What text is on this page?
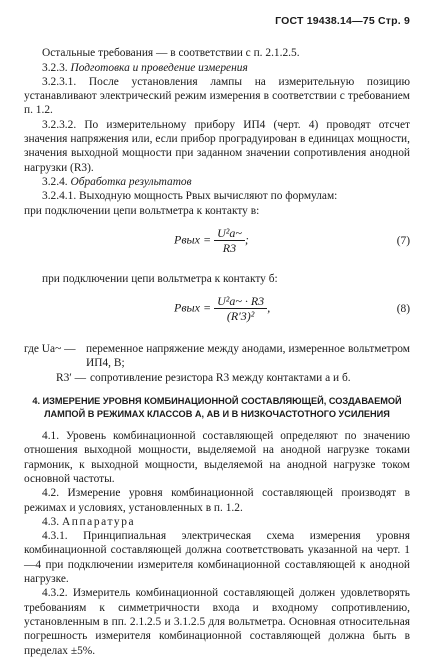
ГОСТ 19438.14—75 Стр. 9

Остальные требования — в соответствии с п. 2.1.2.5.

3.2.3. Подготовка и проведение измерения

3.2.3.1. После установления лампы на измерительную позицию устанавливают электрический режим измерения в соответствии с требованием п. 1.2.

3.2.3.2. По измерительному прибору ИП4 (черт. 4) проводят отсчет значения напряжения или, если прибор проградуирован в единицах мощности, значения выходной мощности при заданном значении сопротивления анодной нагрузки (R3).

3.2.4. Обработка результатов

3.2.4.1. Выходную мощность Pвых вычисляют по формулам:

при подключении цепи вольтметра к контакту в:

Pвых = $\frac{\text{U²a\textasciitilde{}}}{R3}$ ;	(7)

при подключении цепи вольтметра к контакту б:

Pвых = $\frac{\text{U²a\textasciitilde{} · R3}}{\text{(R′3)²}}$ ,	(8)
где Ua~ — переменное напряжение между анодами, измеренное вольтметром ИП4, В;
R3′ — сопротивление резистора R3 между контактами а и б.
4. ИЗМЕРЕНИЕ УРОВНЯ КОМБИНАЦИОННОЙ СОСТАВЛЯЮЩЕЙ, СОЗДАВАЕМОЙ ЛАМПОЙ В РЕЖИМАХ КЛАССОВ А, АВ И В НИЗКОЧАСТОТНОГО УСИЛЕНИЯ

4.1. Уровень комбинационной составляющей определяют по значению отношения выходной мощности, выделяемой на анодной нагрузке токами гармоник, к выходной мощности, выделяемой на анодной нагрузке током основной частоты.

4.2. Измерение уровня комбинационной составляющей производят в режимах и условиях, установленных в п. 1.2.

4.3. Аппаратура

4.3.1. Принципиальная электрическая схема измерения уровня комбинационной составляющей должна соответствовать указанной на черт. 1—4 при подключении измерителя комбинационной составляющей к анодной нагрузке.

4.3.2. Измеритель комбинационной составляющей должен удовлетворять требованиям к симметричности входа и входному сопротивлению, установленным в пп. 2.1.2.5 и 3.1.2.5 для вольтметра. Основная относительная погрешность измерителя комбинационной составляющей должна быть в пределах ±5%.
